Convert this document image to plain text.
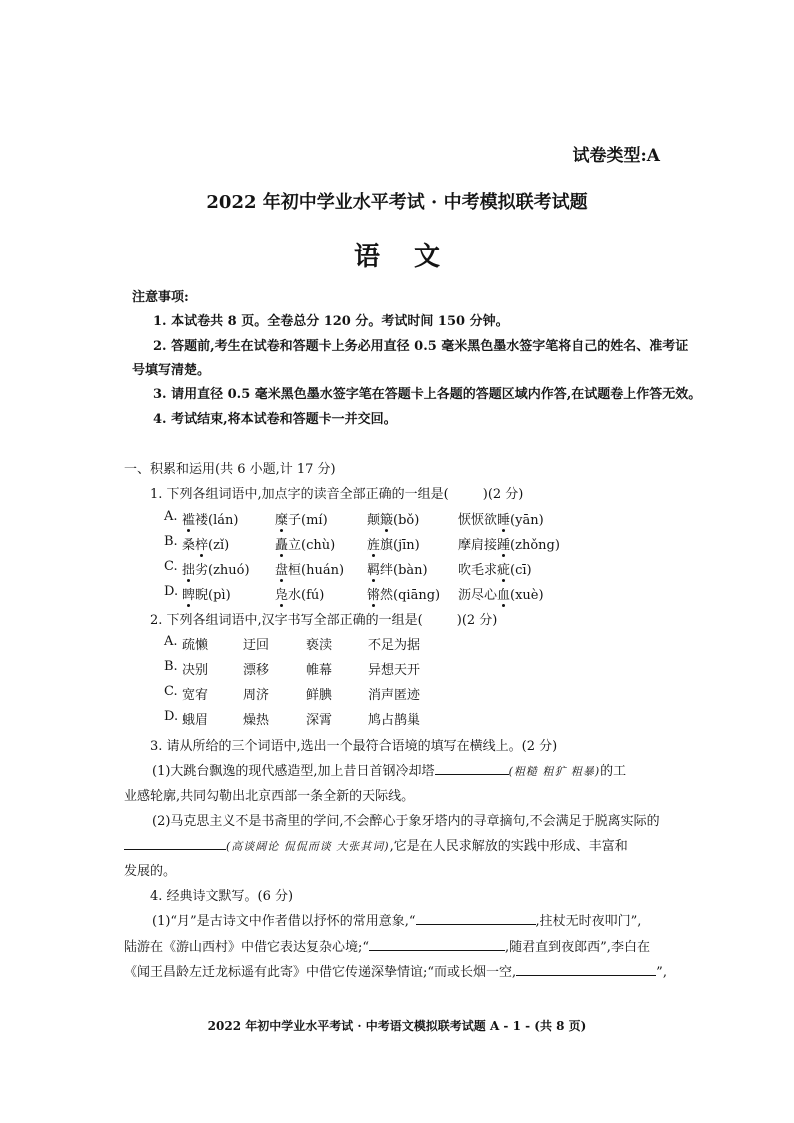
试卷类型:A
2022 年初中学业水平考试 · 中考模拟联考试题
语文
注意事项:
1. 本试卷共 8 页。全卷总分 120 分。考试时间 150 分钟。
2. 答题前,考生在试卷和答题卡上务必用直径 0.5 毫米黑色墨水签字笔将自己的姓名、准考证
号填写清楚。
3. 请用直径 0.5 毫米黑色墨水签字笔在答题卡上各题的答题区域内作答,在试题卷上作答无效。
4. 考试结束,将本试卷和答题卡一并交回。
一、积累和运用(共 6 小题,计 17 分)
1. 下列各组词语中,加点字的读音全部正确的一组是(	)(2 分)
A. 褴褛(lán)	糜子(mí)	颠簸(bǒ)	恹恹欲睡(yān)
B. 桑梓(zǐ)	矗立(chù) 旌旗(jīn)	摩肩接踵(zhǒng)
C. 拙劣(zhuó) 盘桓(huán) 羁绊(bàn) 吹毛求疵(cī)
D. 睥睨(pì)	凫水(fú)	锵然(qiāng) 沥尽心血(xuè)
2. 下列各组词语中,汉字书写全部正确的一组是(	)(2 分)
A. 疏懒	迂回	亵渎	不足为据
B. 决别	漂移	帷幕	异想天开
C. 宽宥	周济	鲜腆	消声匿迹
D. 蛾眉	燥热	深霄	鸠占鹊巢
3. 请从所给的三个词语中,选出一个最符合语境的填写在横线上。(2 分)
(1)大跳台飘逸的现代感造型,加上昔日首钢冷却塔	(粗糙 粗犷 粗暴)的工
业感轮廓,共同勾勒出北京西部一条全新的天际线。
(2)马克思主义不是书斋里的学问,不会醉心于象牙塔内的寻章摘句,不会满足于脱离实际的
(高谈阔论 侃侃而谈 大张其词),它是在人民求解放的实践中形成、丰富和
发展的。
4. 经典诗文默写。(6 分)
(1)“月”是古诗文中作者借以抒怀的常用意象,“	,拄杖无时夜叩门”,
陆游在《游山西村》中借它表达复杂心境;“	,随君直到夜郎西”,李白在
《闻王昌龄左迁龙标遥有此寄》中借它传递深挚情谊;“而或长烟一空,	”,
2022 年初中学业水平考试 · 中考语文模拟联考试题 A - 1 - (共 8 页)
